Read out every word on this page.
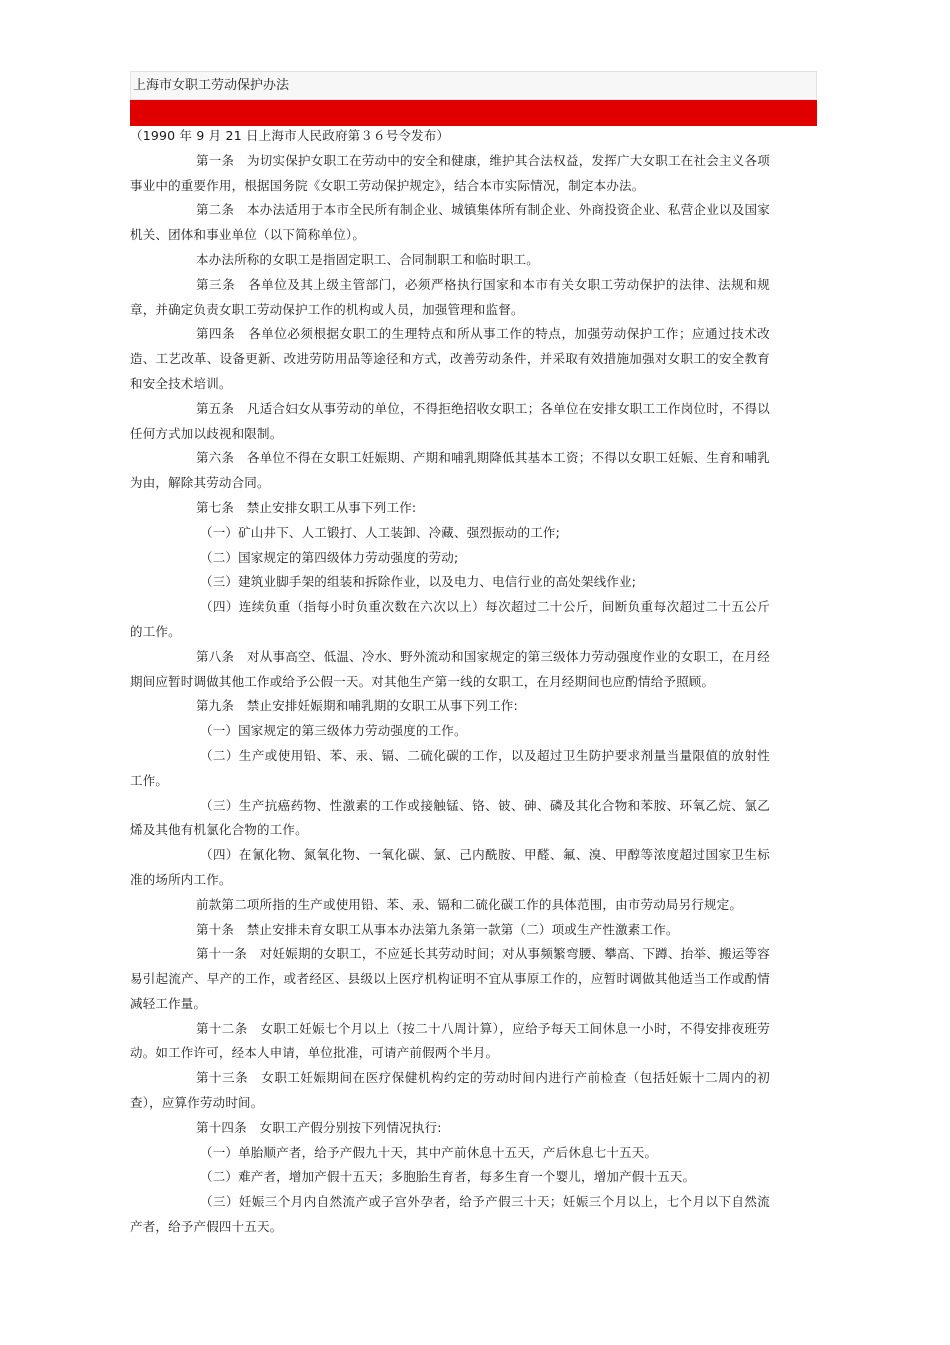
上海市女职工劳动保护办法

（1990 年 9 月 21 日上海市人民政府第３６号令发布）

第一条　为切实保护女职工在劳动中的安全和健康，维护其合法权益，发挥广大女职工在社会主义各项事业中的重要作用，根据国务院《女职工劳动保护规定》，结合本市实际情况，制定本办法。

第二条　本办法适用于本市全民所有制企业、城镇集体所有制企业、外商投资企业、私营企业以及国家机关、团体和事业单位（以下简称单位）。

本办法所称的女职工是指固定职工、合同制职工和临时职工。

第三条　各单位及其上级主管部门，必须严格执行国家和本市有关女职工劳动保护的法律、法规和规章，并确定负责女职工劳动保护工作的机构或人员，加强管理和监督。

第四条　各单位必须根据女职工的生理特点和所从事工作的特点，加强劳动保护工作；应通过技术改造、工艺改革、设备更新、改进劳防用品等途径和方式，改善劳动条件，并采取有效措施加强对女职工的安全教育和安全技术培训。

第五条　凡适合妇女从事劳动的单位，不得拒绝招收女职工；各单位在安排女职工工作岗位时，不得以任何方式加以歧视和限制。

第六条　各单位不得在女职工妊娠期、产期和哺乳期降低其基本工资；不得以女职工妊娠、生育和哺乳为由，解除其劳动合同。

第七条　禁止安排女职工从事下列工作:

（一）矿山井下、人工锻打、人工装卸、冷藏、强烈振动的工作;

（二）国家规定的第四级体力劳动强度的劳动;

（三）建筑业脚手架的组装和拆除作业，以及电力、电信行业的高处架线作业;

（四）连续负重（指每小时负重次数在六次以上）每次超过二十公斤，间断负重每次超过二十五公斤的工作。

第八条　对从事高空、低温、冷水、野外流动和国家规定的第三级体力劳动强度作业的女职工，在月经期间应暂时调做其他工作或给予公假一天。对其他生产第一线的女职工，在月经期间也应酌情给予照顾。

第九条　禁止安排妊娠期和哺乳期的女职工从事下列工作:

（一）国家规定的第三级体力劳动强度的工作。

（二）生产或使用铅、苯、汞、镉、二硫化碳的工作，以及超过卫生防护要求剂量当量限值的放射性工作。

（三）生产抗癌药物、性激素的工作或接触锰、铬、铍、砷、磷及其化合物和苯胺、环氧乙烷、氯乙烯及其他有机氯化合物的工作。

（四）在氰化物、氮氧化物、一氧化碳、氯、己内酰胺、甲醛、氟、溴、甲醇等浓度超过国家卫生标准的场所内工作。

前款第二项所指的生产或使用铅、苯、汞、镉和二硫化碳工作的具体范围，由市劳动局另行规定。

第十条　禁止安排未育女职工从事本办法第九条第一款第（二）项或生产性激素工作。

第十一条　对妊娠期的女职工，不应延长其劳动时间；对从事频繁弯腰、攀高、下蹲、抬举、搬运等容易引起流产、早产的工作，或者经区、县级以上医疗机构证明不宜从事原工作的，应暂时调做其他适当工作或酌情减轻工作量。

第十二条　女职工妊娠七个月以上（按二十八周计算），应给予每天工间休息一小时，不得安排夜班劳动。如工作许可，经本人申请，单位批准，可请产前假两个半月。

第十三条　女职工妊娠期间在医疗保健机构约定的劳动时间内进行产前检查（包括妊娠十二周内的初查），应算作劳动时间。

第十四条　女职工产假分别按下列情况执行:

（一）单胎顺产者，给予产假九十天，其中产前休息十五天，产后休息七十五天。

（二）难产者，增加产假十五天；多胞胎生育者，每多生育一个婴儿，增加产假十五天。

（三）妊娠三个月内自然流产或子宫外孕者，给予产假三十天；妊娠三个月以上，七个月以下自然流产者，给予产假四十五天。
